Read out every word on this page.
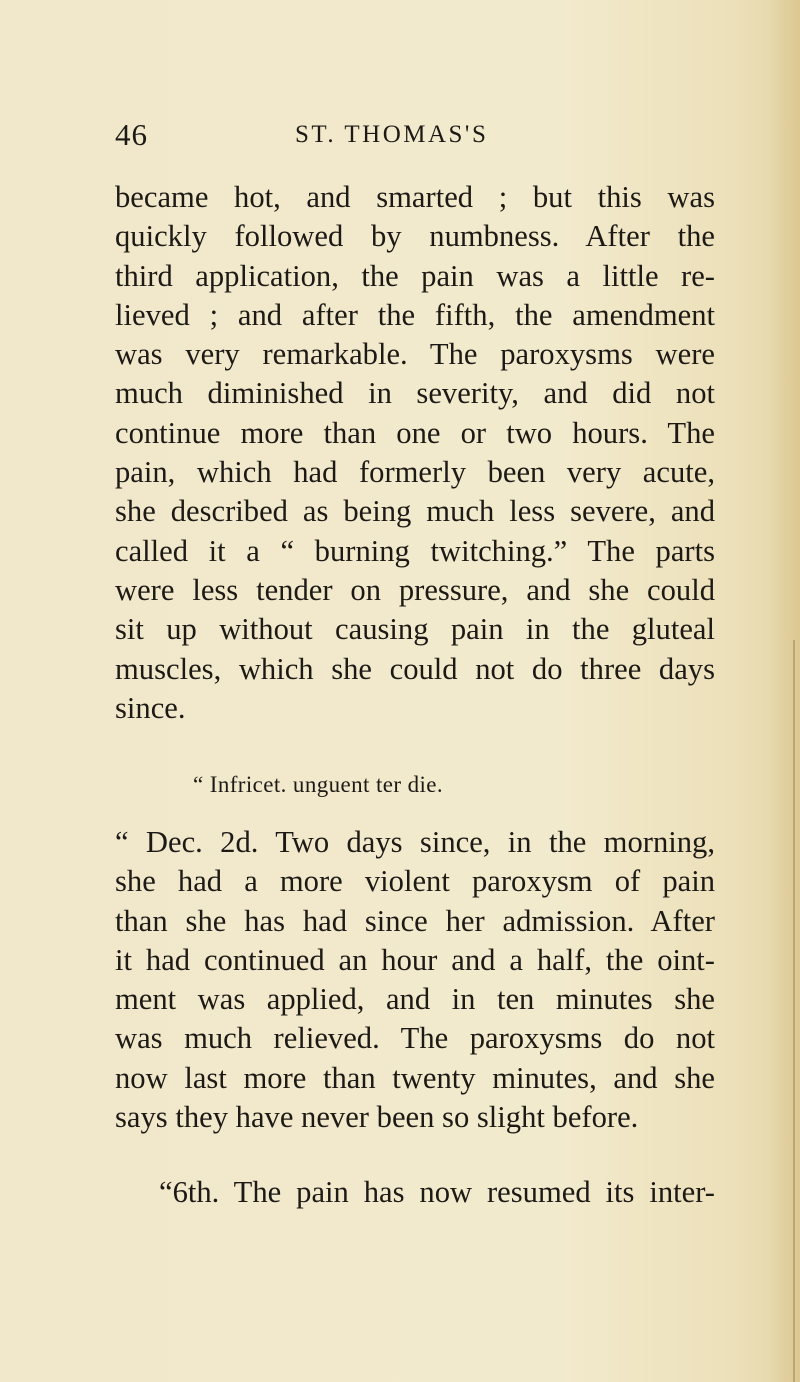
46	ST. THOMAS'S
became hot, and smarted ; but this was
quickly followed by numbness. After the
third application, the pain was a little re-
lieved ; and after the fifth, the amendment
was very remarkable. The paroxysms were
much diminished in severity, and did not
continue more than one or two hours. The
pain, which had formerly been very acute,
she described as being much less severe, and
called it a “ burning twitching.” The parts
were less tender on pressure, and she could
sit up without causing pain in the gluteal
muscles, which she could not do three days
since.
“ Infricet. unguent ter die.
“ Dec. 2d. Two days since, in the morning,
she had a more violent paroxysm of pain
than she has had since her admission. After
it had continued an hour and a half, the oint-
ment was applied, and in ten minutes she
was much relieved. The paroxysms do not
now last more than twenty minutes, and she
says they have never been so slight before.
“6th. The pain has now resumed its inter-
